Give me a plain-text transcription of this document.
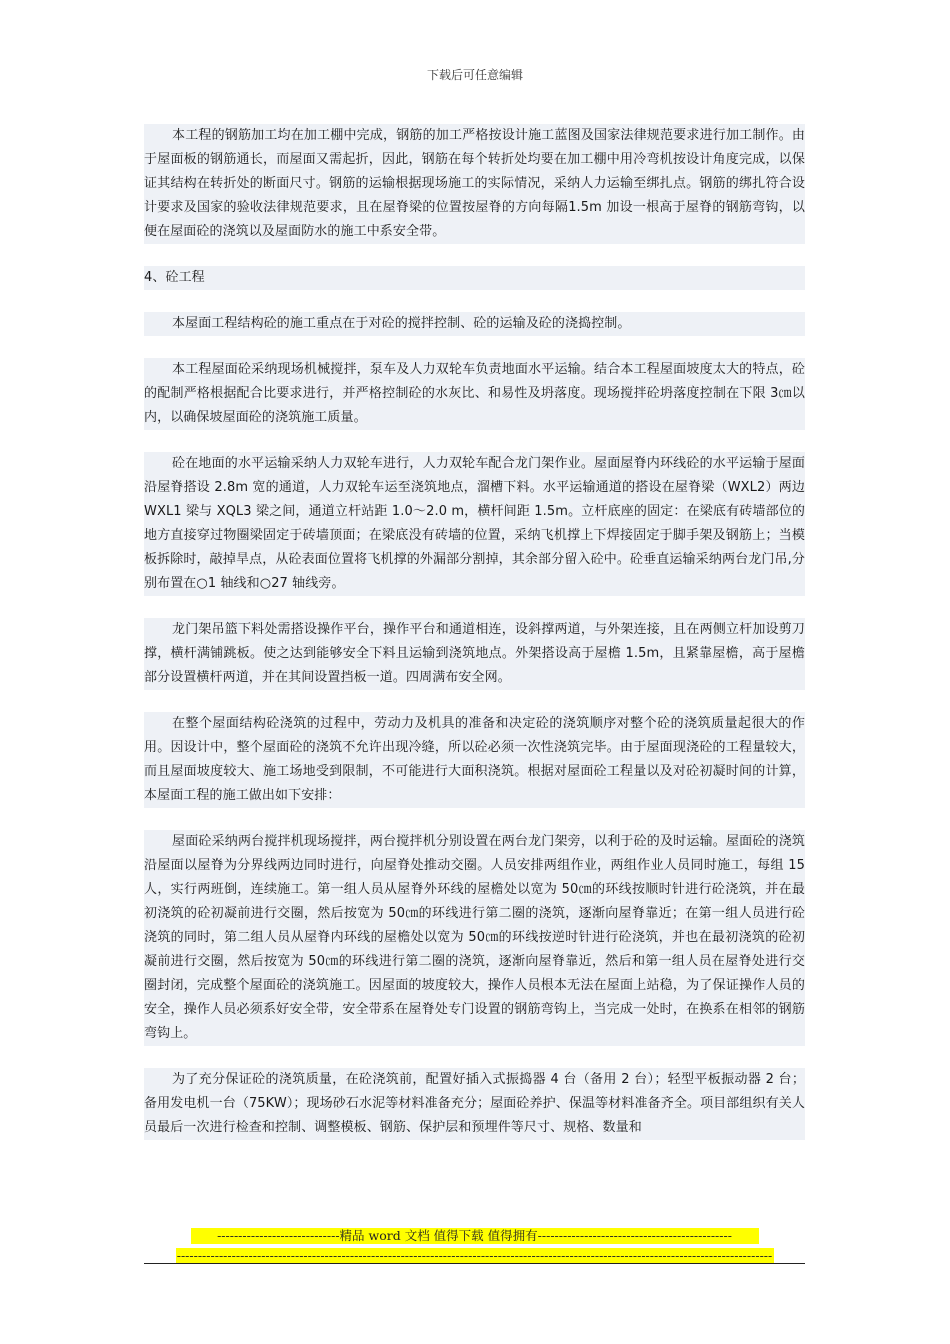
下载后可任意编辑

本工程的钢筋加工均在加工棚中完成，钢筋的加工严格按设计施工蓝图及国家法律规范要求进行加工制作。由于屋面板的钢筋通长，而屋面又需起折，因此，钢筋在每个转折处均要在加工棚中用冷弯机按设计角度完成，以保证其结构在转折处的断面尺寸。钢筋的运输根据现场施工的实际情况，采纳人力运输至绑扎点。钢筋的绑扎符合设计要求及国家的验收法律规范要求，且在屋脊梁的位置按屋脊的方向每隔1.5m 加设一根高于屋脊的钢筋弯钩，以便在屋面砼的浇筑以及屋面防水的施工中系安全带。

4、砼工程

本屋面工程结构砼的施工重点在于对砼的搅拌控制、砼的运输及砼的浇捣控制。

本工程屋面砼采纳现场机械搅拌，泵车及人力双轮车负责地面水平运输。结合本工程屋面坡度太大的特点，砼的配制严格根据配合比要求进行，并严格控制砼的水灰比、和易性及坍落度。现场搅拌砼坍落度控制在下限 3㎝以内，以确保坡屋面砼的浇筑施工质量。

砼在地面的水平运输采纳人力双轮车进行，人力双轮车配合龙门架作业。屋面屋脊内环线砼的水平运输于屋面沿屋脊搭设 2.8m 宽的通道，人力双轮车运至浇筑地点，溜槽下料。水平运输通道的搭设在屋脊梁（WXL2）两边 WXL1 梁与 XQL3 梁之间，通道立杆站距 1.0～2.0 m，横杆间距 1.5m。立杆底座的固定：在梁底有砖墙部位的地方直接穿过物圈梁固定于砖墙顶面；在梁底没有砖墙的位置，采纳飞机撑上下焊接固定于脚手架及钢筋上；当模板拆除时，敲掉旱点，从砼表面位置将飞机撑的外漏部分割掉，其余部分留入砼中。砼垂直运输采纳两台龙门吊,分别布置在○1 轴线和○27 轴线旁。

龙门架吊篮下料处需搭设操作平台，操作平台和通道相连，设斜撑两道，与外架连接，且在两侧立杆加设剪刀撑，横杆满铺跳板。使之达到能够安全下料且运输到浇筑地点。外架搭设高于屋檐 1.5m，且紧靠屋檐，高于屋檐部分设置横杆两道，并在其间设置挡板一道。四周满布安全网。

在整个屋面结构砼浇筑的过程中，劳动力及机具的准备和决定砼的浇筑顺序对整个砼的浇筑质量起很大的作用。因设计中，整个屋面砼的浇筑不允许出现冷缝，所以砼必须一次性浇筑完毕。由于屋面现浇砼的工程量较大，而且屋面坡度较大、施工场地受到限制，不可能进行大面积浇筑。根据对屋面砼工程量以及对砼初凝时间的计算，本屋面工程的施工做出如下安排：

屋面砼采纳两台搅拌机现场搅拌，两台搅拌机分别设置在两台龙门架旁，以利于砼的及时运输。屋面砼的浇筑沿屋面以屋脊为分界线两边同时进行，向屋脊处推动交圈。人员安排两组作业，两组作业人员同时施工，每组 15 人，实行两班倒，连续施工。第一组人员从屋脊外环线的屋檐处以宽为 50㎝的环线按顺时针进行砼浇筑，并在最初浇筑的砼初凝前进行交圈，然后按宽为 50㎝的环线进行第二圈的浇筑，逐渐向屋脊靠近；在第一组人员进行砼浇筑的同时，第二组人员从屋脊内环线的屋檐处以宽为 50㎝的环线按逆时针进行砼浇筑，并也在最初浇筑的砼初凝前进行交圈，然后按宽为 50㎝的环线进行第二圈的浇筑，逐渐向屋脊靠近，然后和第一组人员在屋脊处进行交圈封闭，完成整个屋面砼的浇筑施工。因屋面的坡度较大，操作人员根本无法在屋面上站稳，为了保证操作人员的安全，操作人员必须系好安全带，安全带系在屋脊处专门设置的钢筋弯钩上，当完成一处时，在换系在相邻的钢筋弯钩上。

为了充分保证砼的浇筑质量，在砼浇筑前，配置好插入式振捣器 4 台（备用 2 台）；轻型平板振动器 2 台；备用发电机一台（75KW）；现场砂石水泥等材料准备充分；屋面砼养护、保温等材料准备齐全。项目部组织有关人员最后一次进行检查和控制、调整模板、钢筋、保护层和预埋件等尺寸、规格、数量和

-----------------------------精品 word 文档 值得下载 值得拥有----------------------------------------------
---------------------------------------------------------------------------------------------------------------------------------------------
